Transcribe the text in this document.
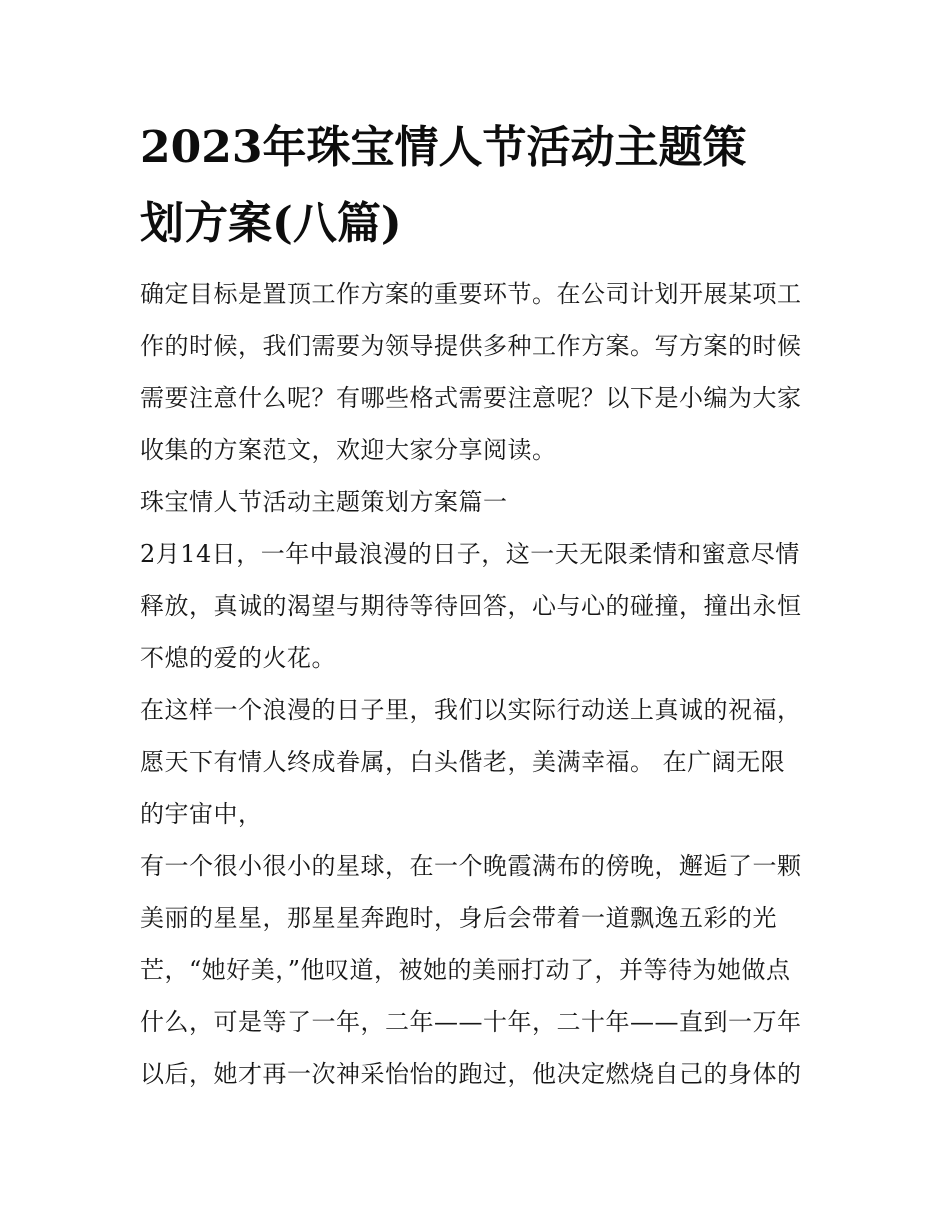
2023年珠宝情人节活动主题策
划方案(八篇)
确定目标是置顶工作方案的重要环节。在公司计划开展某项工
作的时候，我们需要为领导提供多种工作方案。写方案的时候
需要注意什么呢？有哪些格式需要注意呢？以下是小编为大家
收集的方案范文，欢迎大家分享阅读。
珠宝情人节活动主题策划方案篇一
2月14日，一年中最浪漫的日子，这一天无限柔情和蜜意尽情
释放，真诚的渴望与期待等待回答，心与心的碰撞，撞出永恒
不熄的爱的火花。
在这样一个浪漫的日子里，我们以实际行动送上真诚的祝福，
愿天下有情人终成眷属，白头偕老，美满幸福。 在广阔无限
的宇宙中，
有一个很小很小的星球，在一个晚霞满布的傍晚，邂逅了一颗
美丽的星星，那星星奔跑时，身后会带着一道飘逸五彩的光
芒，“她好美，”他叹道，被她的美丽打动了，并等待为她做点
什么，可是等了一年，二年——十年，二十年——直到一万年
以后，她才再一次神采怡怡的跑过，他决定燃烧自己的身体的
